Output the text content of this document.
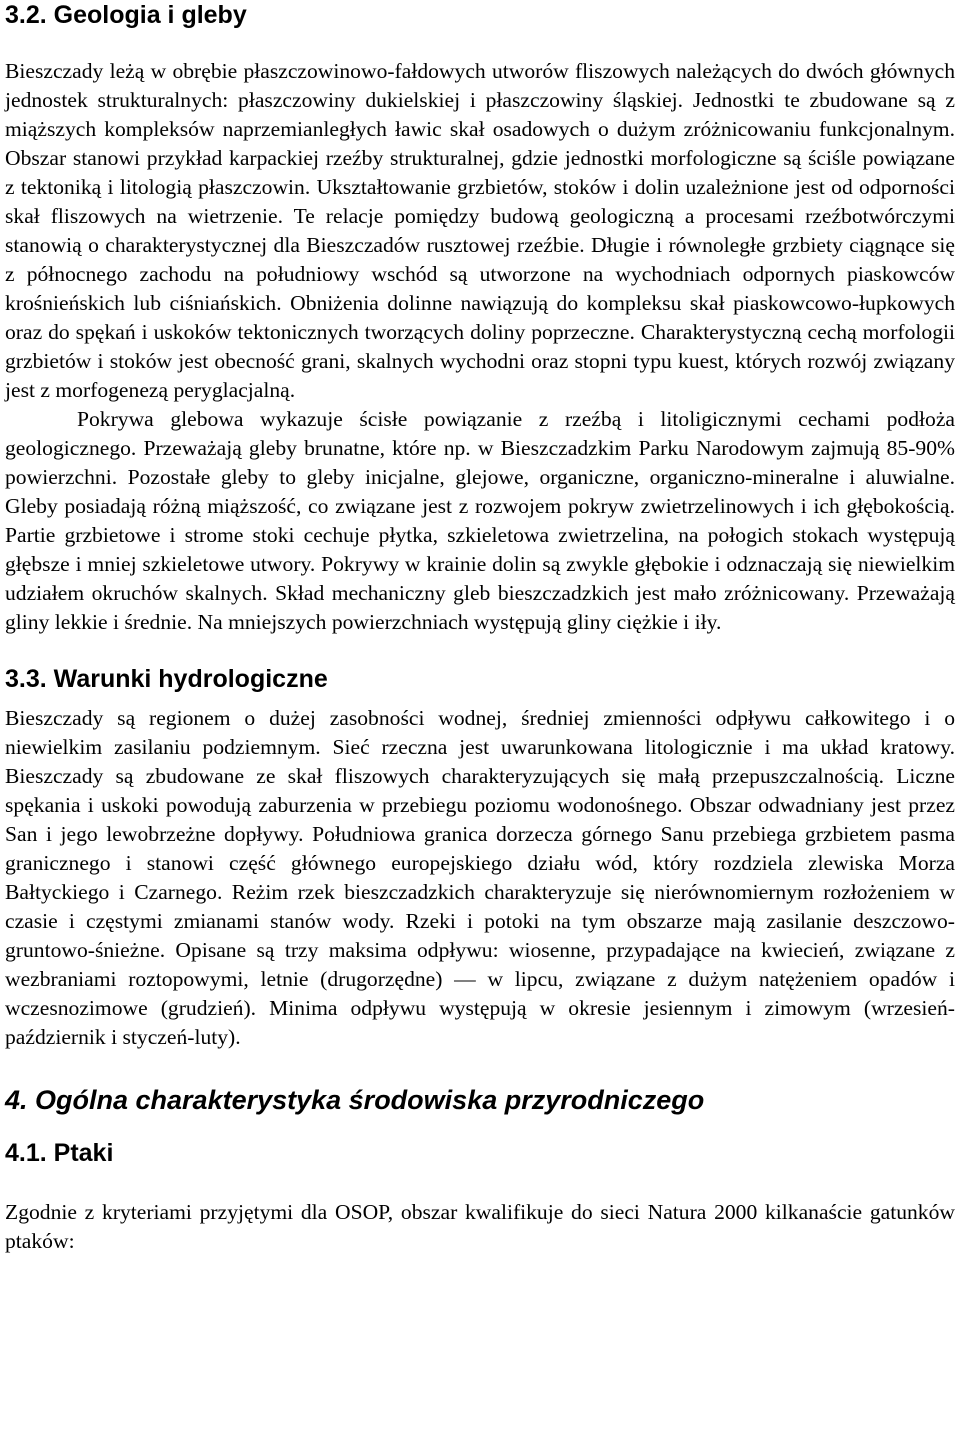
3.2. Geologia i gleby

Bieszczady leżą w obrębie płaszczowinowo-fałdowych utworów fliszowych należących do dwóch głównych jednostek strukturalnych: płaszczowiny dukielskiej i płaszczowiny śląskiej. Jednostki te zbudowane są z miąższych kompleksów naprzemianległych ławic skał osadowych o dużym zróżnicowaniu funkcjonalnym. Obszar stanowi przykład karpackiej rzeźby strukturalnej, gdzie jednostki morfologiczne są ściśle powiązane z tektoniką i litologią płaszczowin. Ukształtowanie grzbietów, stoków i dolin uzależnione jest od odporności skał fliszowych na wietrzenie. Te relacje pomiędzy budową geologiczną a procesami rzeźbotwórczymi stanowią o charakterystycznej dla Bieszczadów rusztowej rzeźbie. Długie i równoległe grzbiety ciągnące się z północnego zachodu na południowy wschód są utworzone na wychodniach odpornych piaskowców krośnieńskich lub ciśniańskich. Obniżenia dolinne nawiązują do kompleksu skał piaskowcowo-łupkowych oraz do spękań i uskoków tektonicznych tworzących doliny poprzeczne. Charakterystyczną cechą morfologii grzbietów i stoków jest obecność grani, skalnych wychodni oraz stopni typu kuest, których rozwój związany jest z morfogenezą peryglacjalną.

Pokrywa glebowa wykazuje ścisłe powiązanie z rzeźbą i litoligicznymi cechami podłoża geologicznego. Przeważają gleby brunatne, które np. w Bieszczadzkim Parku Narodowym zajmują 85-90% powierzchni. Pozostałe gleby to gleby inicjalne, glejowe, organiczne, organiczno-mineralne i aluwialne. Gleby posiadają różną miąższość, co związane jest z rozwojem pokryw zwietrzelinowych i ich głębokością. Partie grzbietowe i strome stoki cechuje płytka, szkieletowa zwietrzelina, na połogich stokach występują głębsze i mniej szkieletowe utwory. Pokrywy w krainie dolin są zwykle głębokie i odznaczają się niewielkim udziałem okruchów skalnych. Skład mechaniczny gleb bieszczadzkich jest mało zróżnicowany. Przeważają gliny lekkie i średnie. Na mniejszych powierzchniach występują gliny ciężkie i iły.

3.3. Warunki hydrologiczne

Bieszczady są regionem o dużej zasobności wodnej, średniej zmienności odpływu całkowitego i o niewielkim zasilaniu podziemnym. Sieć rzeczna jest uwarunkowana litologicznie i ma układ kratowy. Bieszczady są zbudowane ze skał fliszowych charakteryzujących się małą przepuszczalnością. Liczne spękania i uskoki powodują zaburzenia w przebiegu poziomu wodonośnego. Obszar odwadniany jest przez San i jego lewobrzeżne dopływy. Południowa granica dorzecza górnego Sanu przebiega grzbietem pasma granicznego i stanowi część głównego europejskiego działu wód, który rozdziela zlewiska Morza Bałtyckiego i Czarnego. Reżim rzek bieszczadzkich charakteryzuje się nierównomiernym rozłożeniem w czasie i częstymi zmianami stanów wody. Rzeki i potoki na tym obszarze mają zasilanie deszczowo-gruntowo-śnieżne. Opisane są trzy maksima odpływu: wiosenne, przypadające na kwiecień, związane z wezbraniami roztopowymi, letnie (drugorzędne) — w lipcu, związane z dużym natężeniem opadów i wczesnozimowe (grudzień). Minima odpływu występują w okresie jesiennym i zimowym (wrzesień-październik i styczeń-luty).

4. Ogólna charakterystyka środowiska przyrodniczego
4.1. Ptaki

Zgodnie z kryteriami przyjętymi dla OSOP, obszar kwalifikuje do sieci Natura 2000 kilkanaście gatunków ptaków:
